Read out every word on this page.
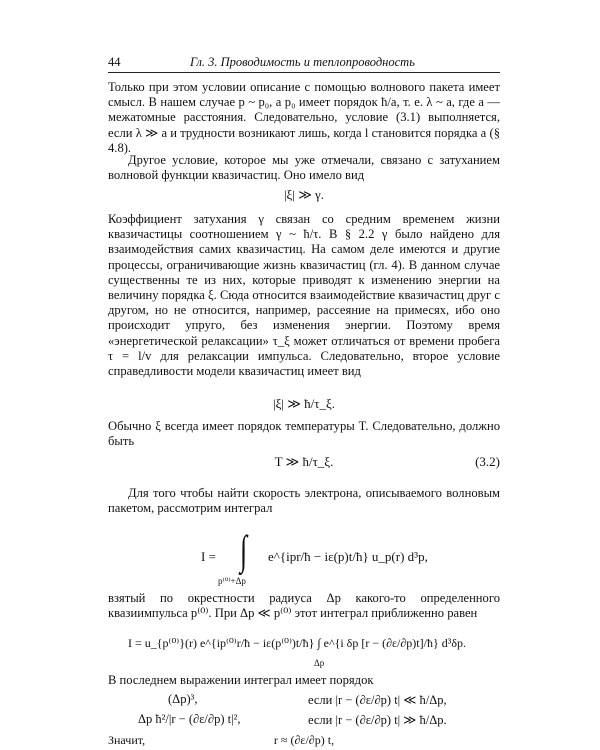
44	Гл. 3. Проводимость и теплопроводность
Только при этом условии описание с помощью волнового пакета имеет смысл. В нашем случае p ~ p₀, а p₀ имеет порядок ħ/a, т. е. λ ~ a, где a — межатомные расстояния. Следовательно, условие (3.1) выполняется, если λ ≫ a и трудности возникают лишь, когда l становится порядка a (§ 4.8).
Другое условие, которое мы уже отмечали, связано с затуханием волновой функции квазичастиц. Оно имело вид
|ξ| ≫ γ.
Коэффициент затухания γ связан со средним временем жизни квазичастицы соотношением γ ~ ħ/τ. В § 2.2 γ было найдено для взаимодействия самих квазичастиц. На самом деле имеются и другие процессы, ограничивающие жизнь квазичастиц (гл. 4). В данном случае существенны те из них, которые приводят к изменению энергии на величину порядка ξ. Сюда относится взаимодействие квазичастиц друг с другом, но не относится, например, рассеяние на примесях, ибо оно происходит упруго, без изменения энергии. Поэтому время «энергетической релаксации» τ_ξ может отличаться от времени пробега τ = l/v для релаксации импульса. Следовательно, второе условие справедливости модели квазичастиц имеет вид
|ξ| ≫ ħ/τ_ξ.
Обычно ξ всегда имеет порядок температуры T. Следовательно, должно быть
T ≫ ħ/τ_ξ.	(3.2)
Для того чтобы найти скорость электрона, описываемого волновым пакетом, рассмотрим интеграл
I = ∫ e^{ipr/ħ − iε(p)t/ħ} u_p(r) d³p,
p⁽⁰⁾+Δp
взятый по окрестности радиуса Δp какого-то определенного квазиимпульса p⁽⁰⁾. При Δp ≪ p⁽⁰⁾ этот интеграл приближенно равен
I = u_{p⁽⁰⁾}(r) e^{ip⁽⁰⁾r/ħ − iε(p⁽⁰⁾)t/ħ} ∫ e^{i δp [r − (∂ε/∂p)t]/ħ} d³δp.
Δp
В последнем выражении интеграл имеет порядок
(Δp)³,	если |r − (∂ε/∂p) t| ≪ ħ/Δp,
Δp ħ²/|r − (∂ε/∂p) t|²,	если |r − (∂ε/∂p) t| ≫ ħ/Δp.
Значит,	r ≈ (∂ε/∂p) t,
